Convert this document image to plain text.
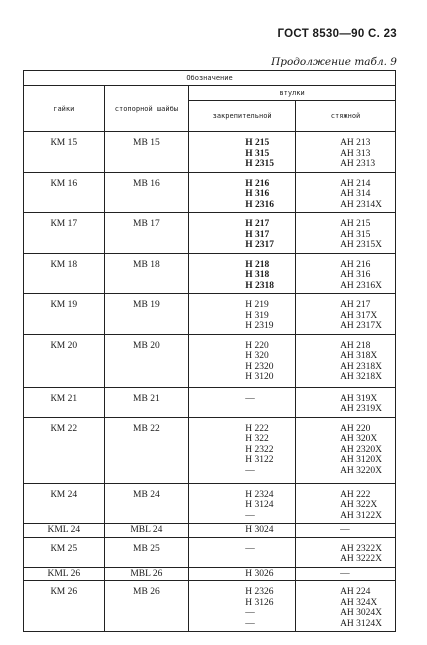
ГОСТ 8530—90 С. 23
Продолжение табл. 9
Обозначение			
гайки	стопорной шайбы	втулки	
		закрепительной	стяжной
КМ 15	МВ 15	Н 215
Н 315
Н 2315	АН 213
АН 313
АН 2313

КМ 16	МВ 16	Н 216
Н 316
Н 2316	АН 214
АН 314
АН 2314Х

КМ 17	МВ 17	Н 217
Н 317
Н 2317	АН 215
АН 315
АН 2315Х

КМ 18	МВ 18	Н 218
Н 318
Н 2318	АН 216
АН 316
АН 2316Х

КМ 19	МВ 19	Н 219
Н 319
Н 2319	АН 217
АН 317Х
АН 2317Х

КМ 20	МВ 20	Н 220
Н 320
Н 2320
Н 3120	АН 218
АН 318Х
АН 2318Х
АН 3218Х

КМ 21	МВ 21	—	АН 319Х
АН 2319Х

КМ 22	МВ 22	Н 222
Н 322
Н 2322
Н 3122
—	АН 220
АН 320Х
АН 2320Х
АН 3120Х
АН 3220Х

КМ 24	МВ 24	Н 2324
Н 3124
—	АН 222
АН 322Х
АН 3122Х

KML 24	MBL 24	Н 3024	—

КМ 25	МВ 25	—	АН 2322Х
АН 3222Х

KML 26	MBL 26	Н 3026	—

КМ 26	МВ 26	Н 2326
Н 3126
—
—	АН 224
АН 324Х
АН 3024Х
АН 3124Х
